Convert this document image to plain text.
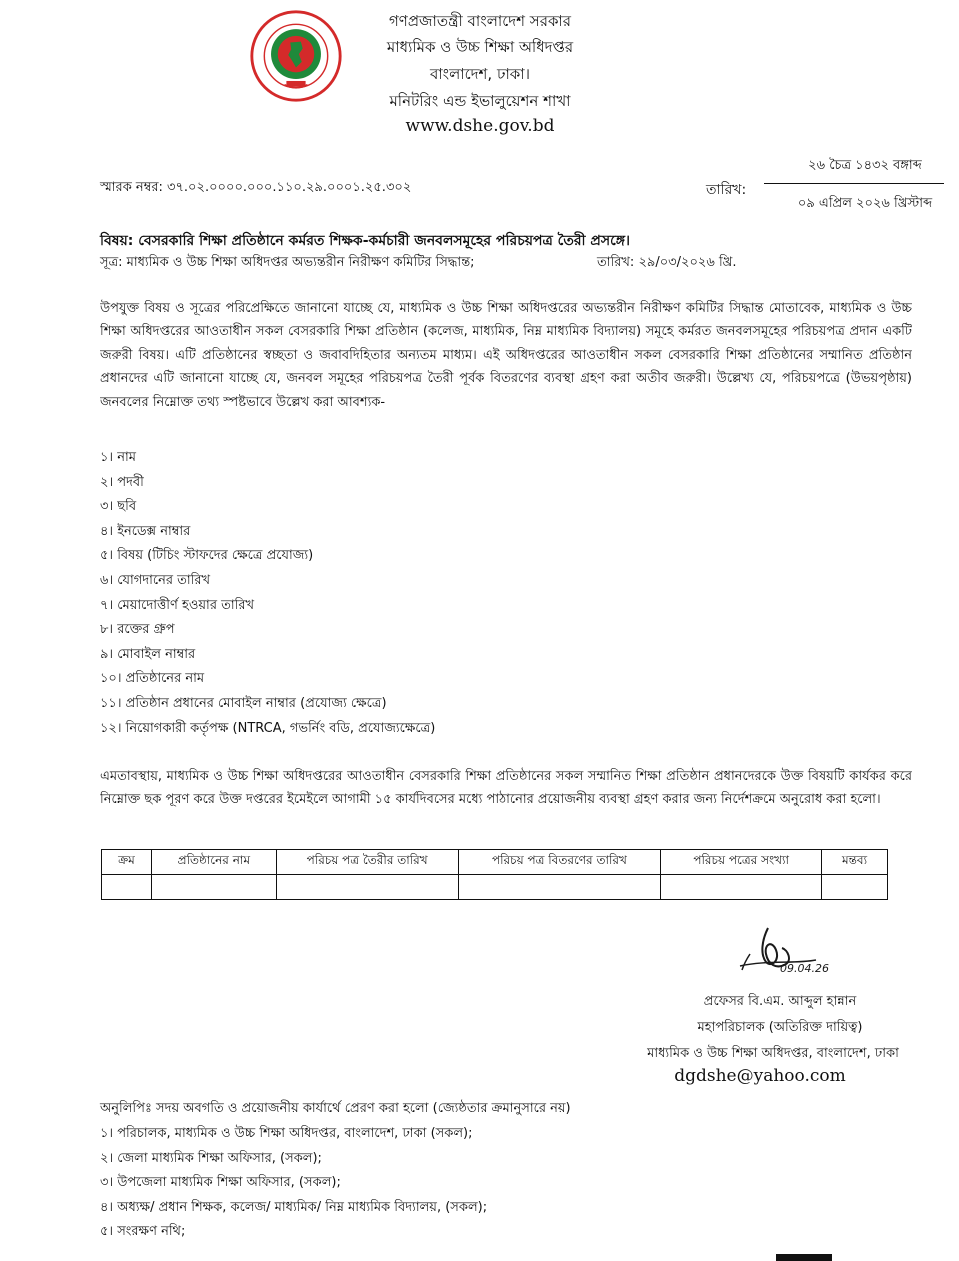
গণপ্রজাতন্ত্রী বাংলাদেশ সরকার
মাধ্যমিক ও উচ্চ শিক্ষা অধিদপ্তর
বাংলাদেশ, ঢাকা।
মনিটরিং এন্ড ইভালুয়েশন শাখা
www.dshe.gov.bd
স্মারক নম্বর: ৩৭.০২.০০০০.০০০.১১০.২৯.০০০১.২৫.৩০২	তারিখ:
২৬ চৈত্র ১৪৩২ বঙ্গাব্দ
০৯ এপ্রিল ২০২৬ খ্রিস্টাব্দ
বিষয়: বেসরকারি শিক্ষা প্রতিষ্ঠানে কর্মরত শিক্ষক-কর্মচারী জনবলসমূহের পরিচয়পত্র তৈরী প্রসঙ্গে।
সূত্র: মাধ্যমিক ও উচ্চ শিক্ষা অধিদপ্তর অভ্যন্তরীন নিরীক্ষণ কমিটির সিদ্ধান্ত;	তারিখ: ২৯/০৩/২০২৬ খ্রি.
উপযুক্ত বিষয় ও সূত্রের পরিপ্রেক্ষিতে জানানো যাচ্ছে যে, মাধ্যমিক ও উচ্চ শিক্ষা অধিদপ্তরের অভ্যন্তরীন নিরীক্ষণ কমিটির সিদ্ধান্ত মোতাবেক, মাধ্যমিক ও উচ্চ শিক্ষা অধিদপ্তরের আওতাধীন সকল বেসরকারি শিক্ষা প্রতিষ্ঠান (কলেজ, মাধ্যমিক, নিম্ন মাধ্যমিক বিদ্যালয়) সমূহে কর্মরত জনবলসমূহের পরিচয়পত্র প্রদান একটি জরুরী বিষয়। এটি প্রতিষ্ঠানের স্বচ্ছতা ও জবাবদিহিতার অন্যতম মাধ্যম। এই অধিদপ্তরের আওতাধীন সকল বেসরকারি শিক্ষা প্রতিষ্ঠানের সম্মানিত প্রতিষ্ঠান প্রধানদের এটি জানানো যাচ্ছে যে, জনবল সমূহের পরিচয়পত্র তৈরী পূর্বক বিতরণের ব্যবস্থা গ্রহণ করা অতীব জরুরী। উল্লেখ্য যে, পরিচয়পত্রে (উভয়পৃষ্ঠায়) জনবলের নিম্নোক্ত তথ্য স্পষ্টভাবে উল্লেখ করা আবশ্যক-
১। নাম
২। পদবী
৩। ছবি
৪। ইনডেক্স নাম্বার
৫। বিষয় (টিচিং স্টাফদের ক্ষেত্রে প্রযোজ্য)
৬। যোগদানের তারিখ
৭। মেয়াদোত্তীর্ণ হওয়ার তারিখ
৮। রক্তের গ্রুপ
৯। মোবাইল নাম্বার
১০। প্রতিষ্ঠানের নাম
১১। প্রতিষ্ঠান প্রধানের মোবাইল নাম্বার (প্রযোজ্য ক্ষেত্রে)
১২। নিয়োগকারী কর্তৃপক্ষ (NTRCA, গভর্নিং বডি, প্রযোজ্যক্ষেত্রে)
এমতাবস্থায়, মাধ্যমিক ও উচ্চ শিক্ষা অধিদপ্তরের আওতাধীন বেসরকারি শিক্ষা প্রতিষ্ঠানের সকল সম্মানিত শিক্ষা প্রতিষ্ঠান প্রধানদেরকে উক্ত বিষয়টি কার্যকর করে নিম্নোক্ত ছক পূরণ করে উক্ত দপ্তরের ইমেইলে আগামী ১৫ কার্যদিবসের মধ্যে পাঠানোর প্রয়োজনীয় ব্যবস্থা গ্রহণ করার জন্য নির্দেশক্রমে অনুরোধ করা হলো।
ক্রম	প্রতিষ্ঠানের নাম	পরিচয় পত্র তৈরীর তারিখ	পরিচয় পত্র বিতরণের তারিখ	পরিচয় পত্রের সংখ্যা	মন্তব্য

09.04.26
প্রফেসর বি.এম. আব্দুল হান্নান
মহাপরিচালক (অতিরিক্ত দায়িত্ব)
মাধ্যমিক ও উচ্চ শিক্ষা অধিদপ্তর, বাংলাদেশ, ঢাকা
dgdshe@yahoo.com
অনুলিপিঃ সদয় অবগতি ও প্রয়োজনীয় কার্যার্থে প্রেরণ করা হলো (জ্যেষ্ঠতার ক্রমানুসারে নয়)
১। পরিচালক, মাধ্যমিক ও উচ্চ শিক্ষা অধিদপ্তর, বাংলাদেশ, ঢাকা (সকল);
২। জেলা মাধ্যমিক শিক্ষা অফিসার, (সকল);
৩। উপজেলা মাধ্যমিক শিক্ষা অফিসার, (সকল);
৪। অধ্যক্ষ/ প্রধান শিক্ষক, কলেজ/ মাধ্যমিক/ নিম্ন মাধ্যমিক বিদ্যালয়, (সকল);
৫। সংরক্ষণ নথি;
